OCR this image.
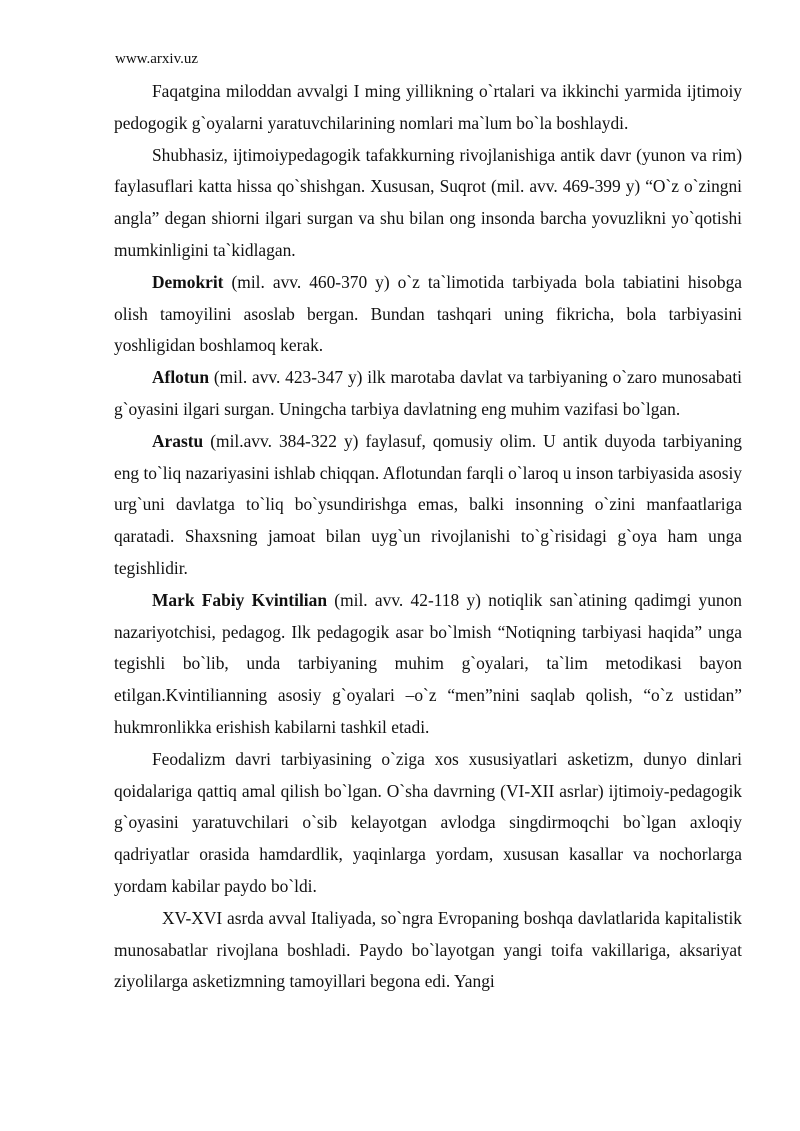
www.arxiv.uz

Faqatgina miloddan avvalgi I ming yillikning o`rtalari va ikkinchi yarmida ijtimoiy pedogogik g`oyalarni yaratuvchilarining nomlari ma`lum bo`la boshlaydi.

Shubhasiz, ijtimoiypedagogik tafakkurning rivojlanishiga antik davr (yunon va rim) faylasuflari katta hissa qo`shishgan. Xususan, Suqrot (mil. avv. 469-399 y) “O`z o`zingni angla” degan shiorni ilgari surgan va shu bilan ong insonda barcha yovuzlikni yo`qotishi mumkinligini ta`kidlagan.

Demokrit (mil. avv. 460-370 y) o`z ta`limotida tarbiyada bola tabiatini hisobga olish tamoyilini asoslab bergan. Bundan tashqari uning fikricha, bola tarbiyasini yoshligidan boshlamoq kerak.

Aflotun (mil. avv. 423-347 y) ilk marotaba davlat va tarbiyaning o`zaro munosabati g`oyasini ilgari surgan. Uningcha tarbiya davlatning eng muhim vazifasi bo`lgan.

Arastu (mil.avv. 384-322 y) faylasuf, qomusiy olim. U antik duyoda tarbiyaning eng to`liq nazariyasini ishlab chiqqan. Aflotundan farqli o`laroq u inson tarbiyasida asosiy urg`uni davlatga to`liq bo`ysundirishga emas, balki insonning o`zini manfaatlariga qaratadi. Shaxsning jamoat bilan uyg`un rivojlanishi to`g`risidagi g`oya ham unga tegishlidir.

Mark Fabiy Kvintilian (mil. avv. 42-118 y) notiqlik san`atining qadimgi yunon nazariyotchisi, pedagog. Ilk pedagogik asar bo`lmish “Notiqning tarbiyasi haqida” unga tegishli bo`lib, unda tarbiyaning muhim g`oyalari, ta`lim metodikasi bayon etilgan.Kvintilianning asosiy g`oyalari –o`z “men”nini saqlab qolish, “o`z ustidan” hukmronlikka erishish kabilarni tashkil etadi.

Feodalizm davri tarbiyasining o`ziga xos xususiyatlari asketizm, dunyo dinlari qoidalariga qattiq amal qilish bo`lgan. O`sha davrning (VI-XII asrlar) ijtimoiy-pedagogik g`oyasini yaratuvchilari o`sib kelayotgan avlodga singdirmoqchi bo`lgan axloqiy qadriyatlar orasida hamdardlik, yaqinlarga yordam, xususan kasallar va nochorlarga yordam kabilar paydo bo`ldi.

XV-XVI asrda avval Italiyada, so`ngra Evropaning boshqa davlatlarida kapitalistik munosabatlar rivojlana boshladi. Paydo bo`layotgan yangi toifa vakillariga, aksariyat ziyolilarga asketizmning tamoyillari begona edi. Yangi
